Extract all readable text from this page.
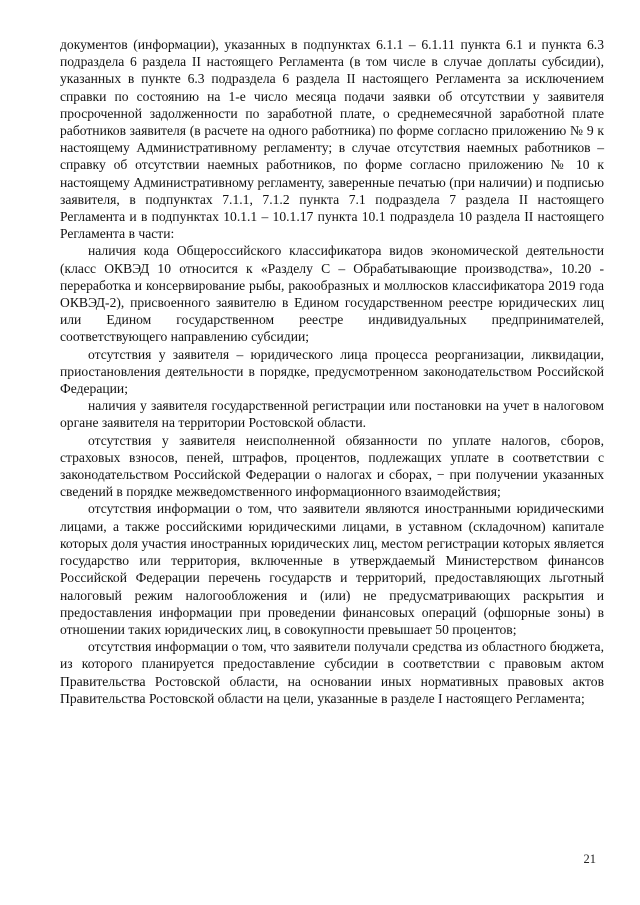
документов (информации), указанных в подпунктах 6.1.1 – 6.1.11 пункта 6.1 и пункта 6.3 подраздела 6 раздела II настоящего Регламента (в том числе в случае доплаты субсидии), указанных в пункте 6.3 подраздела 6 раздела II настоящего Регламента за исключением справки по состоянию на 1-е число месяца подачи заявки об отсутствии у заявителя просроченной задолженности по заработной плате, о среднемесячной заработной плате работников заявителя (в расчете на одного работника) по форме согласно приложению № 9 к настоящему Административному регламенту; в случае отсутствия наемных работников – справку об отсутствии наемных работников, по форме согласно приложению № 10 к настоящему Административному регламенту, заверенные печатью (при наличии) и подписью заявителя, в подпунктах 7.1.1, 7.1.2 пункта 7.1 подраздела 7 раздела II настоящего Регламента и в подпунктах 10.1.1 – 10.1.17 пункта 10.1 подраздела 10 раздела II настоящего Регламента в части:

наличия кода Общероссийского классификатора видов экономической деятельности (класс ОКВЭД 10 относится к «Разделу С – Обрабатывающие производства», 10.20 - переработка и консервирование рыбы, ракообразных и моллюсков классификатора 2019 года ОКВЭД-2), присвоенного заявителю в Едином государственном реестре юридических лиц или Едином государственном реестре индивидуальных предпринимателей, соответствующего направлению субсидии;

отсутствия у заявителя – юридического лица процесса реорганизации, ликвидации, приостановления деятельности в порядке, предусмотренном законодательством Российской Федерации;

наличия у заявителя государственной регистрации или постановки на учет в налоговом органе заявителя на территории Ростовской области.

отсутствия у заявителя неисполненной обязанности по уплате налогов, сборов, страховых взносов, пеней, штрафов, процентов, подлежащих уплате в соответствии с законодательством Российской Федерации о налогах и сборах, − при получении указанных сведений в порядке межведомственного информационного взаимодействия;

отсутствия информации о том, что заявители являются иностранными юридическими лицами, а также российскими юридическими лицами, в уставном (складочном) капитале которых доля участия иностранных юридических лиц, местом регистрации которых является государство или территория, включенные в утверждаемый Министерством финансов Российской Федерации перечень государств и территорий, предоставляющих льготный налоговый режим налогообложения и (или) не предусматривающих раскрытия и предоставления информации при проведении финансовых операций (офшорные зоны) в отношении таких юридических лиц, в совокупности превышает 50 процентов;

отсутствия информации о том, что заявители получали средства из областного бюджета, из которого планируется предоставление субсидии в соответствии с правовым актом Правительства Ростовской области, на основании иных нормативных правовых актов Правительства Ростовской области на цели, указанные в разделе I настоящего Регламента;

21
